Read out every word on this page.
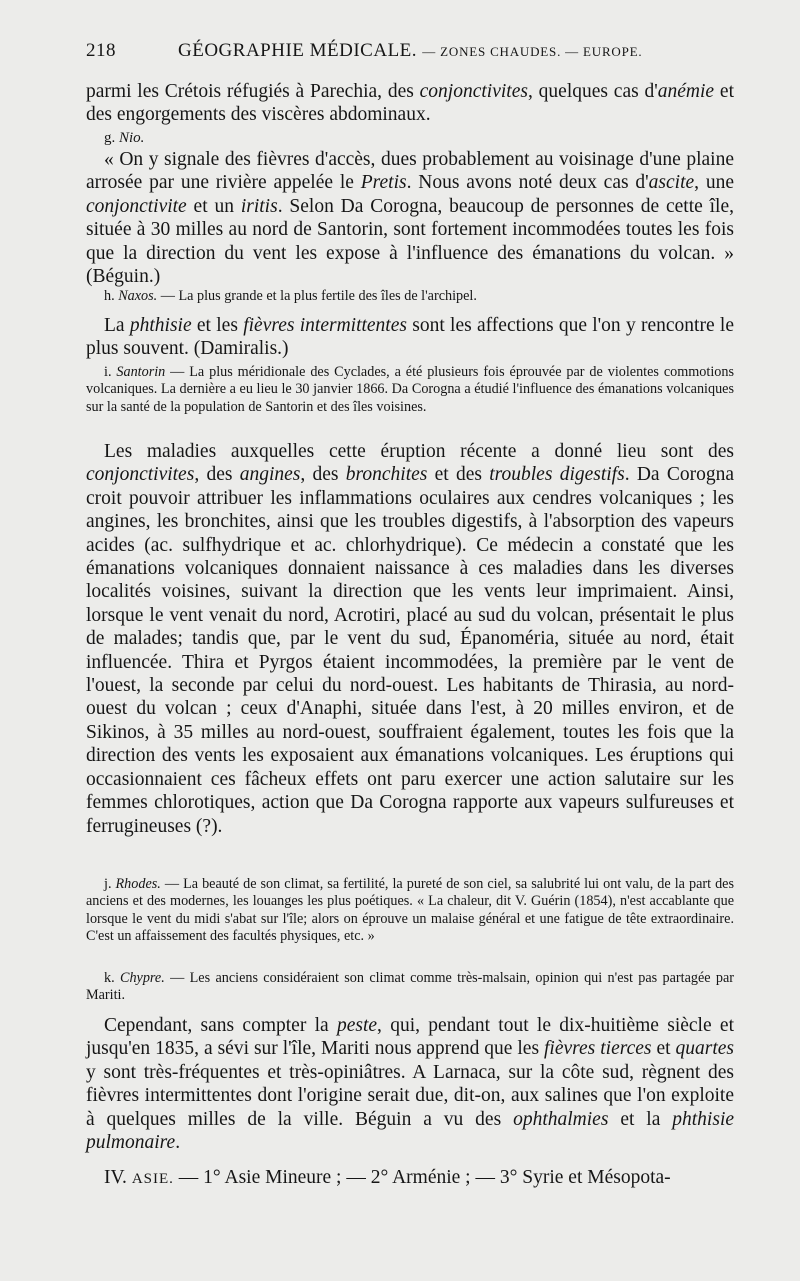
218	GÉOGRAPHIE MÉDICALE. — ZONES CHAUDES. — EUROPE.

parmi les Crétois réfugiés à Parechia, des conjonctivites, quelques cas d'anémie et des engorgements des viscères abdominaux.

g. Nio.

« On y signale des fièvres d'accès, dues probablement au voisinage d'une plaine arrosée par une rivière appelée le Pretis. Nous avons noté deux cas d'ascite, une conjonctivite et un iritis. Selon Da Corogna, beaucoup de personnes de cette île, située à 30 milles au nord de Santorin, sont fortement incommodées toutes les fois que la direction du vent les expose à l'influence des émanations du volcan. » (Béguin.)

h. Naxos. — La plus grande et la plus fertile des îles de l'archipel.

La phthisie et les fièvres intermittentes sont les affections que l'on y rencontre le plus souvent. (Damiralis.)

i. Santorin — La plus méridionale des Cyclades, a été plusieurs fois éprouvée par de violentes commotions volcaniques. La dernière a eu lieu le 30 janvier 1866. Da Corogna a étudié l'influence des émanations volcaniques sur la santé de la population de Santorin et des îles voisines.

Les maladies auxquelles cette éruption récente a donné lieu sont des conjonctivites, des angines, des bronchites et des troubles digestifs. Da Corogna croit pouvoir attribuer les inflammations oculaires aux cendres volcaniques ; les angines, les bronchites, ainsi que les troubles digestifs, à l'absorption des vapeurs acides (ac. sulfhydrique et ac. chlorhydrique). Ce médecin a constaté que les émanations volcaniques donnaient naissance à ces maladies dans les diverses localités voisines, suivant la direction que les vents leur imprimaient. Ainsi, lorsque le vent venait du nord, Acrotiri, placé au sud du volcan, présentait le plus de malades; tandis que, par le vent du sud, Épanoméria, située au nord, était influencée. Thira et Pyrgos étaient incommodées, la première par le vent de l'ouest, la seconde par celui du nord-ouest. Les habitants de Thirasia, au nord-ouest du volcan ; ceux d'Anaphi, située dans l'est, à 20 milles environ, et de Sikinos, à 35 milles au nord-ouest, souffraient également, toutes les fois que la direction des vents les exposaient aux émanations volcaniques. Les éruptions qui occasionnaient ces fâcheux effets ont paru exercer une action salutaire sur les femmes chlorotiques, action que Da Corogna rapporte aux vapeurs sulfureuses et ferrugineuses (?).

j. Rhodes. — La beauté de son climat, sa fertilité, la pureté de son ciel, sa salubrité lui ont valu, de la part des anciens et des modernes, les louanges les plus poétiques. « La chaleur, dit V. Guérin (1854), n'est accablante que lorsque le vent du midi s'abat sur l'île; alors on éprouve un malaise général et une fatigue de tête extraordinaire. C'est un affaissement des facultés physiques, etc. »

k. Chypre. — Les anciens considéraient son climat comme très-malsain, opinion qui n'est pas partagée par Mariti.

Cependant, sans compter la peste, qui, pendant tout le dix-huitième siècle et jusqu'en 1835, a sévi sur l'île, Mariti nous apprend que les fièvres tierces et quartes y sont très-fréquentes et très-opiniâtres. A Larnaca, sur la côte sud, règnent des fièvres intermittentes dont l'origine serait due, dit-on, aux salines que l'on exploite à quelques milles de la ville. Béguin a vu des ophthalmies et la phthisie pulmonaire.

IV. ASIE. — 1° Asie Mineure ; — 2° Arménie ; — 3° Syrie et Mésopota-
